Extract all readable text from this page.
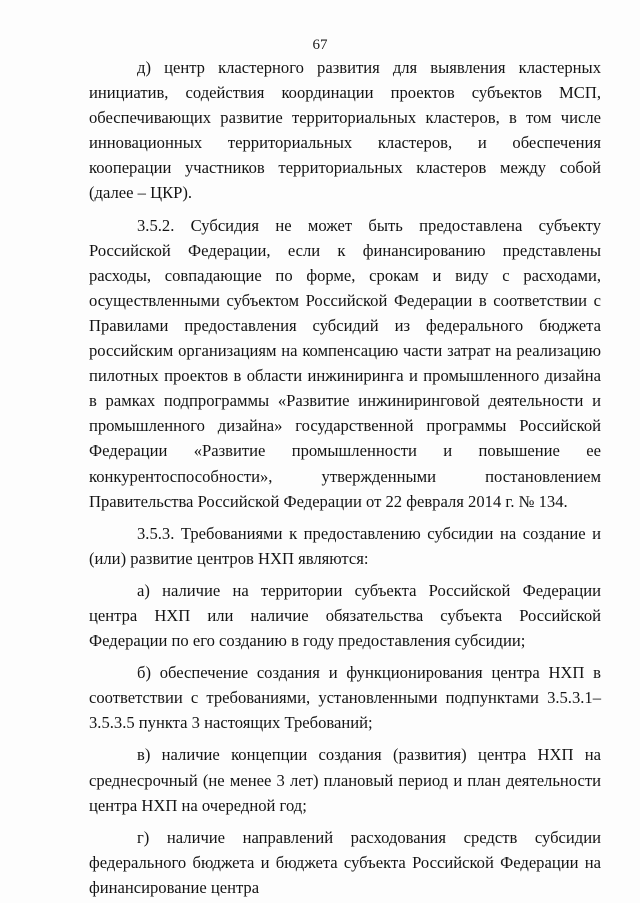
67

д) центр кластерного развития для выявления кластерных инициатив, содействия координации проектов субъектов МСП, обеспечивающих развитие территориальных кластеров, в том числе инновационных территориальных кластеров, и обеспечения кооперации участников территориальных кластеров между собой (далее – ЦКР).

3.5.2. Субсидия не может быть предоставлена субъекту Российской Федерации, если к финансированию представлены расходы, совпадающие по форме, срокам и виду с расходами, осуществленными субъектом Российской Федерации в соответствии с Правилами предоставления субсидий из федерального бюджета российским организациям на компенсацию части затрат на реализацию пилотных проектов в области инжиниринга и промышленного дизайна в рамках подпрограммы «Развитие инжиниринговой деятельности и промышленного дизайна» государственной программы Российской Федерации «Развитие промышленности и повышение ее конкурентоспособности», утвержденными постановлением Правительства Российской Федерации от 22 февраля 2014 г. № 134.

3.5.3. Требованиями к предоставлению субсидии на создание и (или) развитие центров НХП являются:

а) наличие на территории субъекта Российской Федерации центра НХП или наличие обязательства субъекта Российской Федерации по его созданию в году предоставления субсидии;

б) обеспечение создания и функционирования центра НХП в соответствии с требованиями, установленными подпунктами 3.5.3.1–3.5.3.5 пункта 3 настоящих Требований;

в) наличие концепции создания (развития) центра НХП на среднесрочный (не менее 3 лет) плановый период и план деятельности центра НХП на очередной год;

г) наличие направлений расходования средств субсидии федерального бюджета и бюджета субъекта Российской Федерации на финансирование центра
